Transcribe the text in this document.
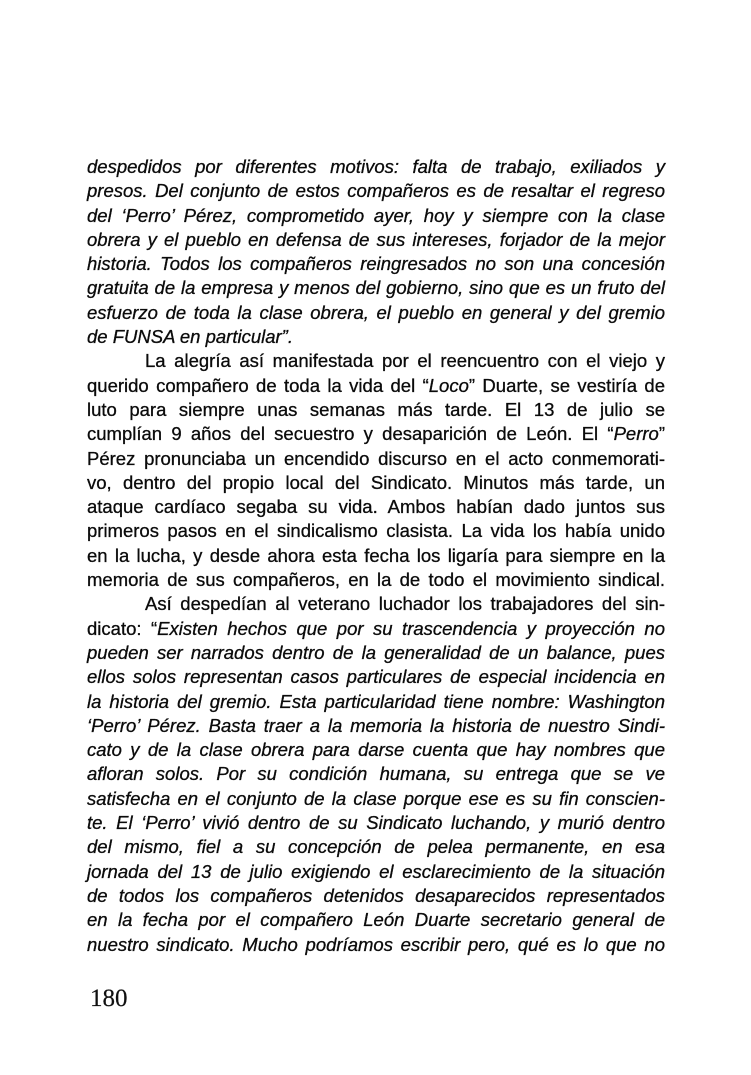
despedidos por diferentes motivos: falta de trabajo, exiliados y
presos. Del conjunto de estos compañeros es de resaltar el regreso
del ‘Perro’ Pérez, comprometido ayer, hoy y siempre con la clase
obrera y el pueblo en defensa de sus intereses, forjador de la mejor
historia. Todos los compañeros reingresados no son una concesión
gratuita de la empresa y menos del gobierno, sino que es un fruto del
esfuerzo de toda la clase obrera, el pueblo en general y del gremio
de FUNSA en particular”.
La alegría así manifestada por el reencuentro con el viejo y
querido compañero de toda la vida del “Loco” Duarte, se vestiría de
luto para siempre unas semanas más tarde. El 13 de julio se
cumplían 9 años del secuestro y desaparición de León. El “Perro”
Pérez pronunciaba un encendido discurso en el acto conmemorati-
vo, dentro del propio local del Sindicato. Minutos más tarde, un
ataque cardíaco segaba su vida. Ambos habían dado juntos sus
primeros pasos en el sindicalismo clasista. La vida los había unido
en la lucha, y desde ahora esta fecha los ligaría para siempre en la
memoria de sus compañeros, en la de todo el movimiento sindical.
Así despedían al veterano luchador los trabajadores del sin-
dicato: “Existen hechos que por su trascendencia y proyección no
pueden ser narrados dentro de la generalidad de un balance, pues
ellos solos representan casos particulares de especial incidencia en
la historia del gremio. Esta particularidad tiene nombre: Washington
‘Perro’ Pérez. Basta traer a la memoria la historia de nuestro Sindi-
cato y de la clase obrera para darse cuenta que hay nombres que
afloran solos. Por su condición humana, su entrega que se ve
satisfecha en el conjunto de la clase porque ese es su fin conscien-
te. El ‘Perro’ vivió dentro de su Sindicato luchando, y murió dentro
del mismo, fiel a su concepción de pelea permanente, en esa
jornada del 13 de julio exigiendo el esclarecimiento de la situación
de todos los compañeros detenidos desaparecidos representados
en la fecha por el compañero León Duarte secretario general de
nuestro sindicato. Mucho podríamos escribir pero, qué es lo que no
180
